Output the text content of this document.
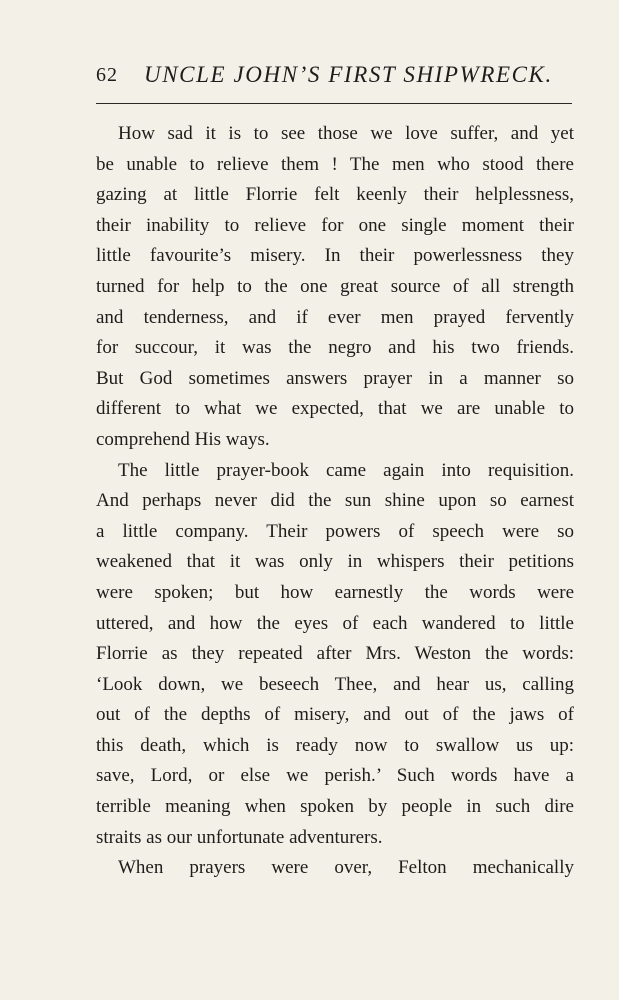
62 UNCLE JOHN’S FIRST SHIPWRECK.
How sad it is to see those we love suffer, and yet
be unable to relieve them ! The men who stood there
gazing at little Florrie felt keenly their helplessness,
their inability to relieve for one single moment their
little favourite’s misery. In their powerlessness they
turned for help to the one great source of all strength
and tenderness, and if ever men prayed fervently
for succour, it was the negro and his two friends.
But God sometimes answers prayer in a manner so
different to what we expected, that we are unable to
comprehend His ways.
The little prayer-book came again into requisition.
And perhaps never did the sun shine upon so earnest
a little company. Their powers of speech were so
weakened that it was only in whispers their petitions
were spoken; but how earnestly the words were
uttered, and how the eyes of each wandered to little
Florrie as they repeated after Mrs. Weston the words:
‘Look down, we beseech Thee, and hear us, calling
out of the depths of misery, and out of the jaws of
this death, which is ready now to swallow us up:
save, Lord, or else we perish.’ Such words have a
terrible meaning when spoken by people in such dire
straits as our unfortunate adventurers.
When prayers were over, Felton mechanically
